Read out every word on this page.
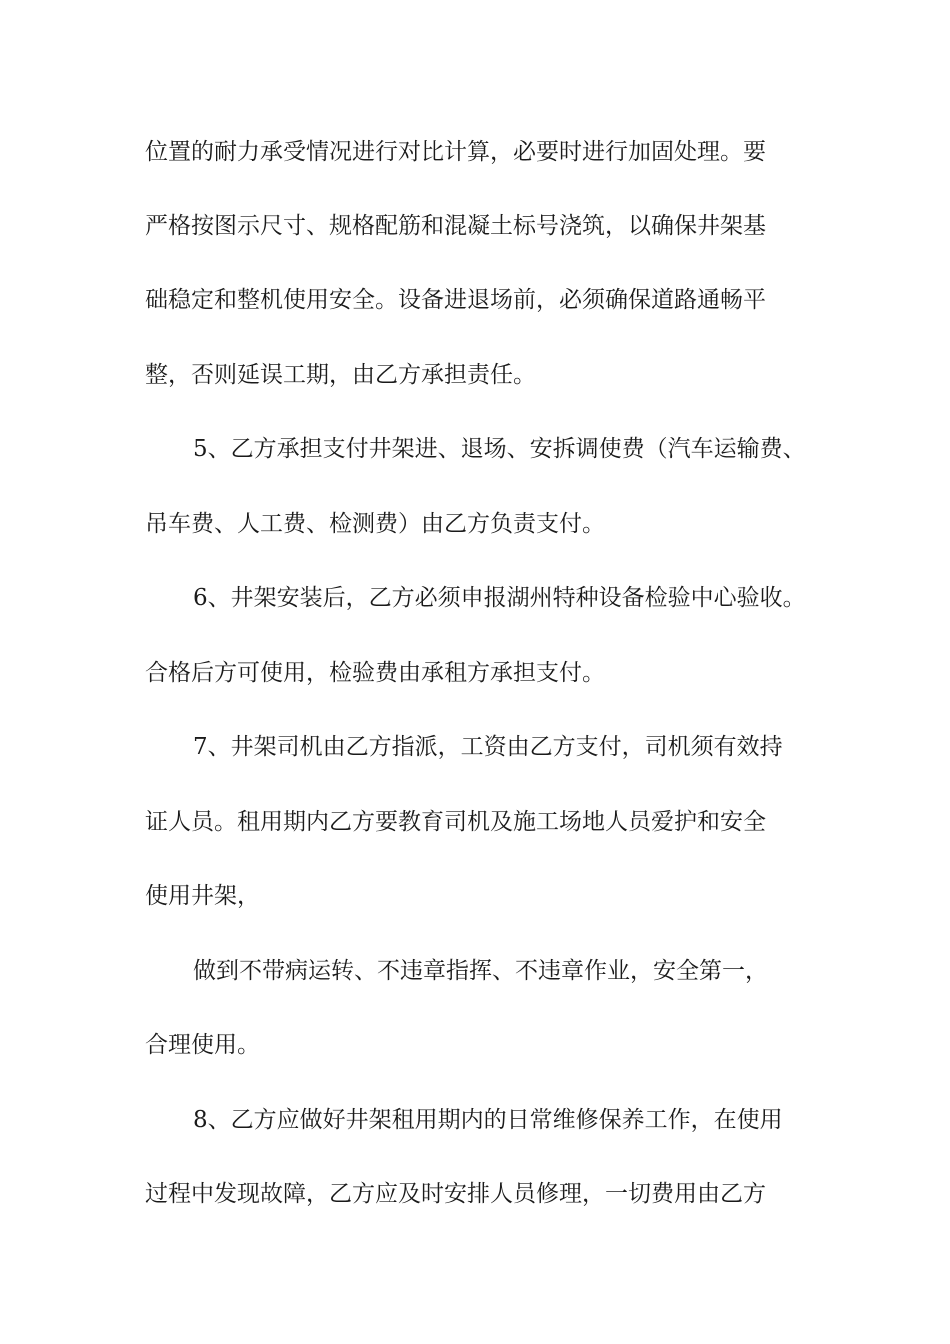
位置的耐力承受情况进行对比计算，必要时进行加固处理。要

严格按图示尺寸、规格配筋和混凝土标号浇筑，以确保井架基

础稳定和整机使用安全。设备进退场前，必须确保道路通畅平

整，否则延误工期，由乙方承担责任。

5、乙方承担支付井架进、退场、安拆调使费（汽车运输费、

吊车费、人工费、检测费）由乙方负责支付。

6、井架安装后，乙方必须申报湖州特种设备检验中心验收。

合格后方可使用，检验费由承租方承担支付。

7、井架司机由乙方指派，工资由乙方支付，司机须有效持

证人员。租用期内乙方要教育司机及施工场地人员爱护和安全

使用井架，

做到不带病运转、不违章指挥、不违章作业，安全第一，

合理使用。

8、乙方应做好井架租用期内的日常维修保养工作，在使用

过程中发现故障，乙方应及时安排人员修理，一切费用由乙方
